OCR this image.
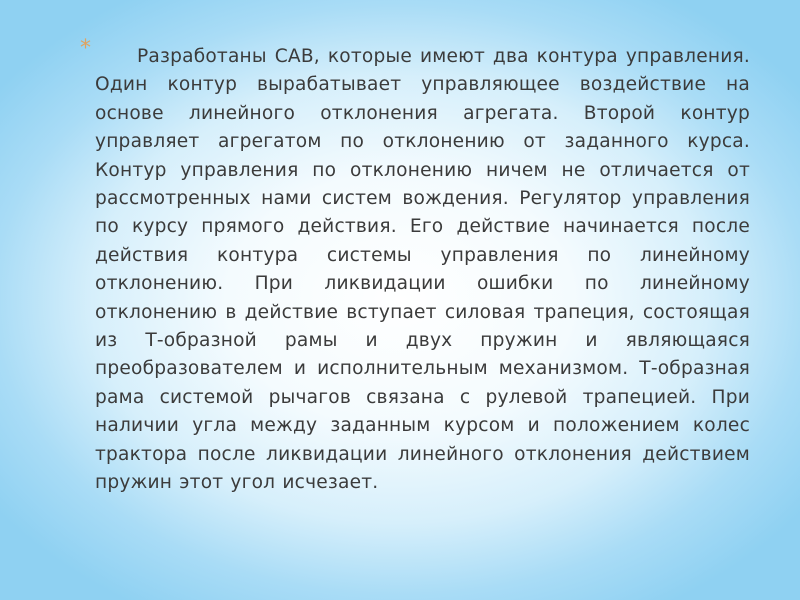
*	Разработаны САВ, которые имеют два контура управления. Один контур вырабатывает управляющее воздействие на основе линейного отклонения агрегата. Второй контур управляет агрегатом по отклонению от заданного курса. Контур управления по отклонению ничем не отличается от рассмотренных нами систем вождения. Регулятор управления по курсу прямого действия. Его действие начинается после действия контура системы управления по линейному отклонению. При ликвидации ошибки по линейному отклонению в действие вступает силовая трапеция, состоящая из Т-образной рамы и двух пружин и являющаяся преобразователем и исполнительным механизмом. Т-образная рама системой рычагов связана с рулевой трапецией. При наличии угла между заданным курсом и положением колес трактора после ликвидации линейного отклонения действием пружин этот угол исчезает.
